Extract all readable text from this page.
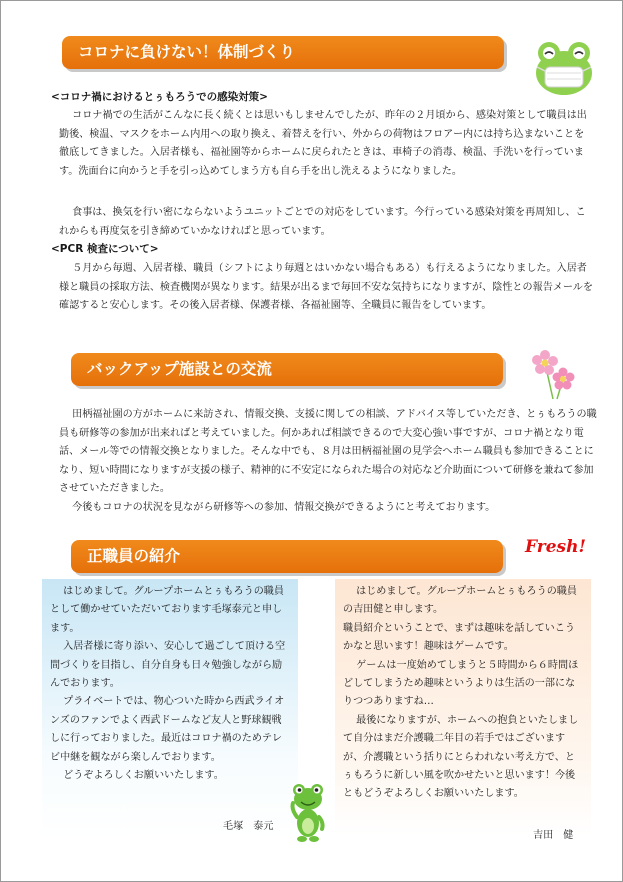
コロナに負けない！体制づくり

<コロナ禍におけるとぅもろうでの感染対策>

コロナ禍での生活がこんなに長く続くとは思いもしませんでしたが、昨年の２月頃から、感染対策として職員は出勤後、検温、マスクをホーム内用への取り換え、着替えを行い、外からの荷物はフロアー内には持ち込まないことを徹底してきました。入居者様も、福祉園等からホームに戻られたときは、車椅子の消毒、検温、手洗いを行っています。洗面台に向かうと手を引っ込めてしまう方も自ら手を出し洗えるようになりました。

食事は、換気を行い密にならないようユニットごとでの対応をしています。今行っている感染対策を再周知し、これからも再度気を引き締めていかなければと思っています。

<PCR 検査について>

５月から毎週、入居者様、職員（シフトにより毎週とはいかない場合もある）も行えるようになりました。入居者様と職員の採取方法、検査機関が異なります。結果が出るまで毎回不安な気持ちになりますが、陰性との報告メールを確認すると安心します。その後入居者様、保護者様、各福祉園等、全職員に報告をしています。

バックアップ施設との交流

田柄福祉園の方がホームに来訪され、情報交換、支援に関しての相談、アドバイス等していただき、とぅもろうの職員も研修等の参加が出来ればと考えていました。何かあれば相談できるので大変心強い事ですが、コロナ禍となり電話、メール等での情報交換となりました。そんな中でも、８月は田柄福祉園の見学会へホーム職員も参加できることになり、短い時間になりますが支援の様子、精神的に不安定になられた場合の対応など介助面について研修を兼ねて参加させていただきました。

今後もコロナの状況を見ながら研修等への参加、情報交換ができるようにと考えております。

正職員の紹介	Fresh!

はじめまして。グループホームとぅもろうの職員として働かせていただいております毛塚泰元と申します。

入居者様に寄り添い、安心して過ごして頂ける空間づくりを目指し、自分自身も日々勉強しながら励んでおります。

プライベートでは、物心ついた時から西武ライオンズのファンでよく西武ドームなど友人と野球観戦しに行っておりました。最近はコロナ禍のためテレビ中継を観ながら楽しんでおります。

どうぞよろしくお願いいたします。

毛塚　泰元

はじめまして。グループホームとぅもろうの職員の吉田健と申します。

職員紹介ということで、まずは趣味を話していこうかなと思います！趣味はゲームです。

ゲームは一度始めてしまうと５時間から６時間ほどしてしまうため趣味というよりは生活の一部になりつつありますね…

最後になりますが、ホームへの抱負といたしまして自分はまだ介護職二年目の若手ではございますが、介護職という括りにとらわれない考え方で、とぅもろうに新しい風を吹かせたいと思います！今後ともどうぞよろしくお願いいたします。

吉田　健
